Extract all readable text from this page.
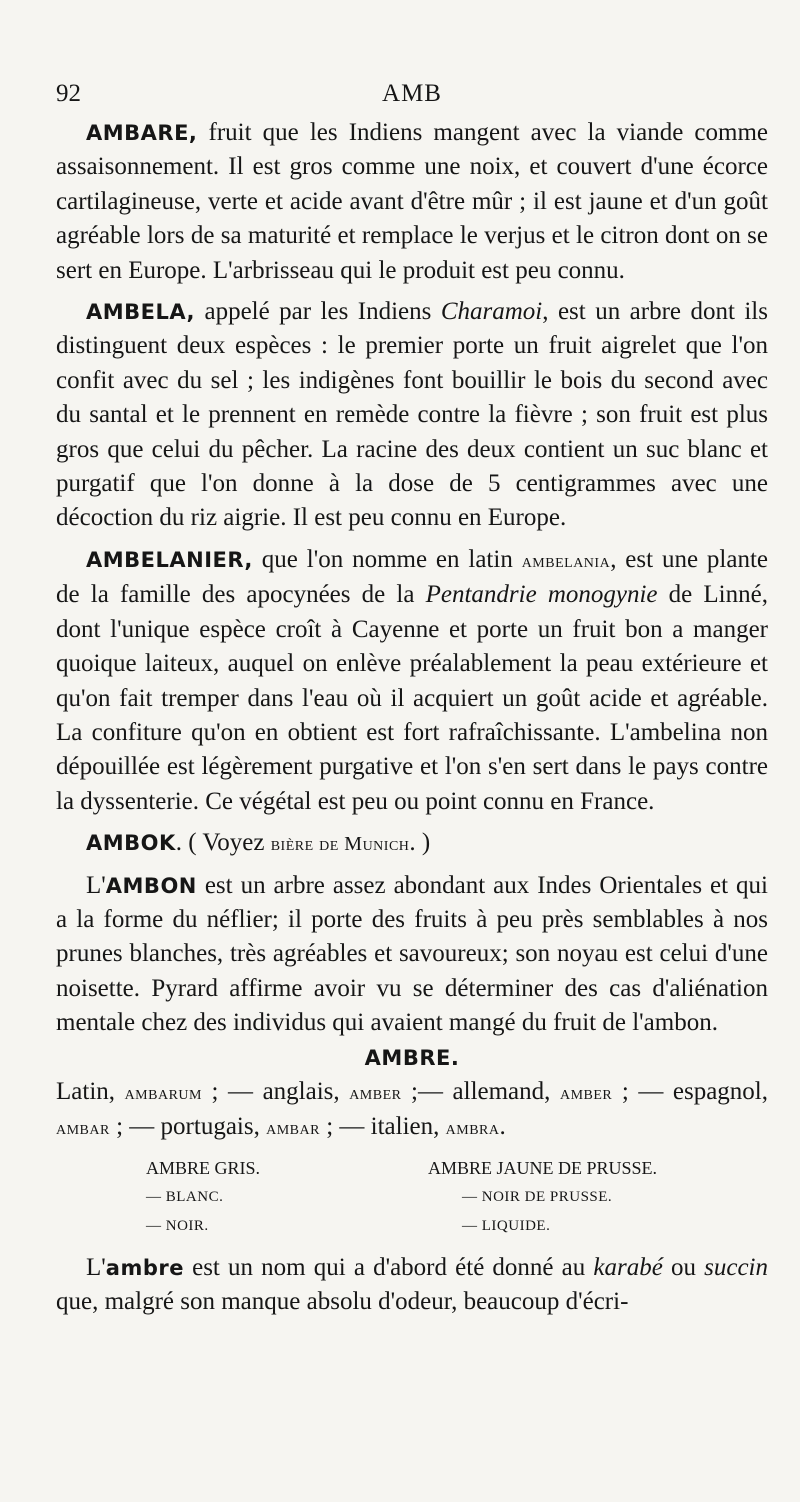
92	AMB

AMBARE, fruit que les Indiens mangent avec la viande comme assaisonnement. Il est gros comme une noix, et couvert d'une écorce cartilagineuse, verte et acide avant d'être mûr ; il est jaune et d'un goût agréable lors de sa maturité et remplace le verjus et le citron dont on se sert en Europe. L'arbrisseau qui le produit est peu connu.

AMBELA, appelé par les Indiens Charamoi, est un arbre dont ils distinguent deux espèces : le premier porte un fruit aigrelet que l'on confit avec du sel ; les indigènes font bouillir le bois du second avec du santal et le prennent en remède contre la fièvre ; son fruit est plus gros que celui du pêcher. La racine des deux contient un suc blanc et purgatif que l'on donne à la dose de 5 centigrammes avec une décoction du riz aigrie. Il est peu connu en Europe.

AMBELANIER, que l'on nomme en latin ambelania, est une plante de la famille des apocynées de la Pentandrie monogynie de Linné, dont l'unique espèce croît à Cayenne et porte un fruit bon a manger quoique laiteux, auquel on enlève préalablement la peau extérieure et qu'on fait tremper dans l'eau où il acquiert un goût acide et agréable. La confiture qu'on en obtient est fort rafraîchissante. L'ambelina non dépouillée est légèrement purgative et l'on s'en sert dans le pays contre la dyssenterie. Ce végétal est peu ou point connu en France.

AMBOK. ( Voyez bière de Munich. )

L'AMBON est un arbre assez abondant aux Indes Orientales et qui a la forme du néflier; il porte des fruits à peu près semblables à nos prunes blanches, très agréables et savoureux; son noyau est celui d'une noisette. Pyrard affirme avoir vu se déterminer des cas d'aliénation mentale chez des individus qui avaient mangé du fruit de l'ambon.

AMBRE.

Latin, ambarum ; — anglais, amber ;— allemand, amber ; — espagnol, ambar ; — portugais, ambar ; — italien, ambra.

AMBRE GRIS.	AMBRE JAUNE DE PRUSSE.
— BLANC.	— NOIR DE PRUSSE.
— NOIR.	— LIQUIDE.

L'ambre est un nom qui a d'abord été donné au karabé ou succin que, malgré son manque absolu d'odeur, beaucoup d'écri-
